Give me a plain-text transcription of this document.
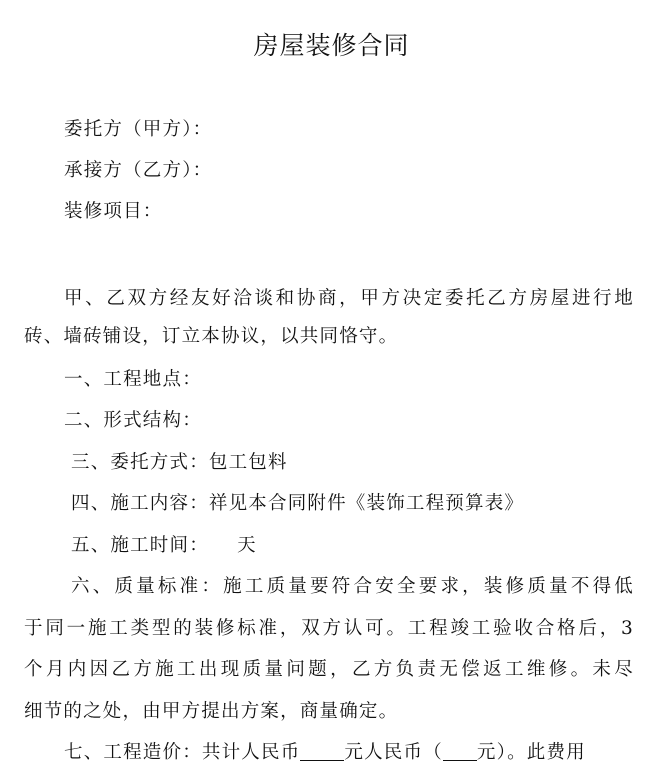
房屋装修合同
委托方（甲方）：
承接方（乙方）：
装修项目：
甲、乙双方经友好洽谈和协商，甲方决定委托乙方房屋进行地
砖、墙砖铺设，订立本协议，以共同恪守。
一、工程地点：
二、形式结构：
三、委托方式：包工包料
四、施工内容：祥见本合同附件《装饰工程预算表》
五、施工时间： 天
六、质量标准：施工质量要符合安全要求，装修质量不得低
于同一施工类型的装修标准，双方认可。工程竣工验收合格后，3
个月内因乙方施工出现质量问题，乙方负责无偿返工维修。未尽
细节的之处，由甲方提出方案，商量确定。
七、工程造价：共计人民币 元人民币（ 元）。此费用
